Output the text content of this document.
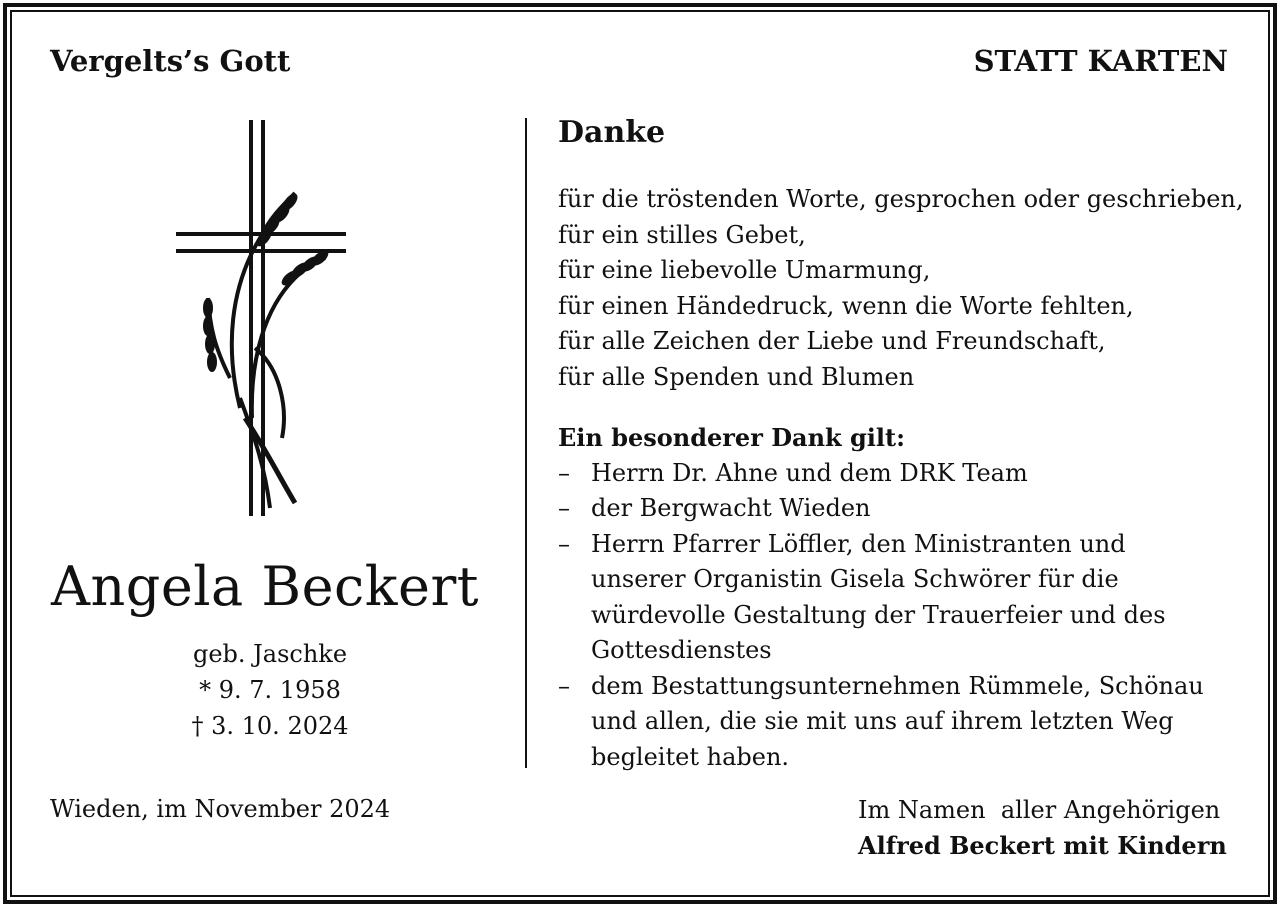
Vergelts’s Gott	STATT KARTEN
Angela Beckert
geb. Jaschke
* 9. 7. 1958
† 3. 10. 2024
Danke
für die tröstenden Worte, gesprochen oder geschrieben,
für ein stilles Gebet,
für eine liebevolle Umarmung,
für einen Händedruck, wenn die Worte fehlten,
für alle Zeichen der Liebe und Freundschaft,
für alle Spenden und Blumen
Ein besonderer Dank gilt:
– Herrn Dr. Ahne und dem DRK Team
– der Bergwacht Wieden
– Herrn Pfarrer Löffler, den Ministranten und
unserer Organistin Gisela Schwörer für die
würdevolle Gestaltung der Trauerfeier und des
Gottesdienstes
– dem Bestattungsunternehmen Rümmele, Schönau
und allen, die sie mit uns auf ihrem letzten Weg
begleitet haben.
Wieden, im November 2024	Im Namen  aller Angehörigen
Alfred Beckert mit Kindern
